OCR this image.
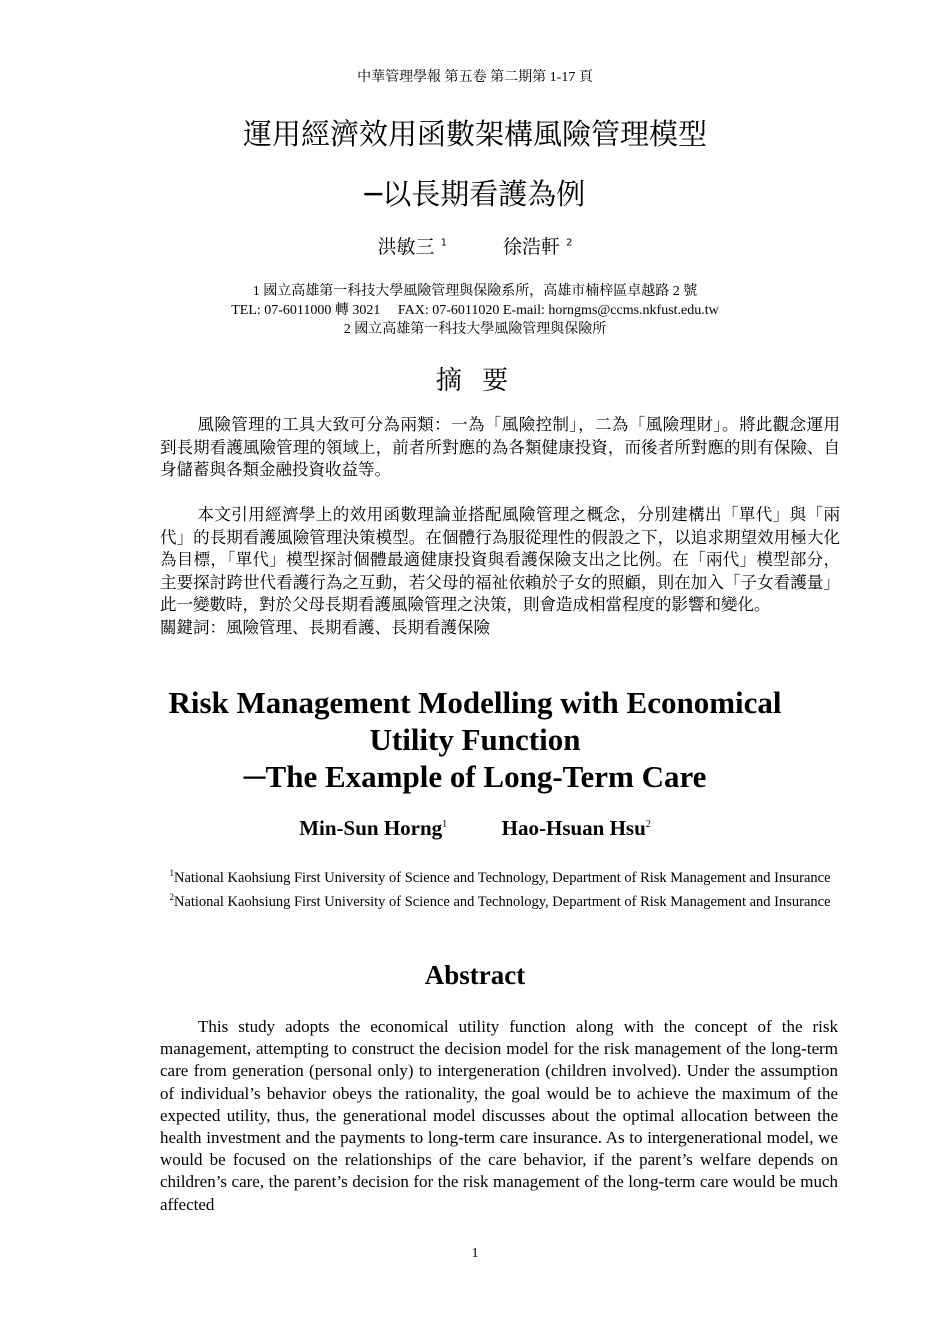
中華管理學報 第五卷 第二期第 1-17 頁
運用經濟效用函數架構風險管理模型
─以長期看護為例
洪敏三 $^1$	徐浩軒 $^2$
1 國立高雄第一科技大學風險管理與保險系所，高雄市楠梓區卓越路 2 號
TEL: 07-6011000 轉 3021　 FAX: 07-6011020 E-mail: horngms@ccms.nkfust.edu.tw
2 國立高雄第一科技大學風險管理與保險所
摘 要
風險管理的工具大致可分為兩類：一為「風險控制」，二為「風險理財」。將此觀念運用到長期看護風險管理的領域上，前者所對應的為各類健康投資，而後者所對應的則有保險、自身儲蓄與各類金融投資收益等。
本文引用經濟學上的效用函數理論並搭配風險管理之概念，分別建構出「單代」與「兩代」的長期看護風險管理決策模型。在個體行為服從理性的假設之下，以追求期望效用極大化為目標，「單代」模型探討個體最適健康投資與看護保險支出之比例。在「兩代」模型部分，主要探討跨世代看護行為之互動，若父母的福祉依賴於子女的照顧，則在加入「子女看護量」此一變數時，對於父母長期看護風險管理之決策，則會造成相當程度的影響和變化。
關鍵詞：風險管理、長期看護、長期看護保險
Risk Management Modelling with Economical
Utility Function
─The Example of Long-Term Care
Min-Sun Horng$^1$	Hao-Hsuan Hsu$^2$
$^1$National Kaohsiung First University of Science and Technology, Department of Risk Management and Insurance
$^2$National Kaohsiung First University of Science and Technology, Department of Risk Management and Insurance
Abstract
This study adopts the economical utility function along with the concept of the risk management, attempting to construct the decision model for the risk management of the long-term care from generation (personal only) to intergeneration (children involved). Under the assumption of individual’s behavior obeys the rationality, the goal would be to achieve the maximum of the expected utility, thus, the generational model discusses about the optimal allocation between the health investment and the payments to long-term care insurance. As to intergenerational model, we would be focused on the relationships of the care behavior, if the parent’s welfare depends on children’s care, the parent’s decision for the risk management of the long-term care would be much affected
1
